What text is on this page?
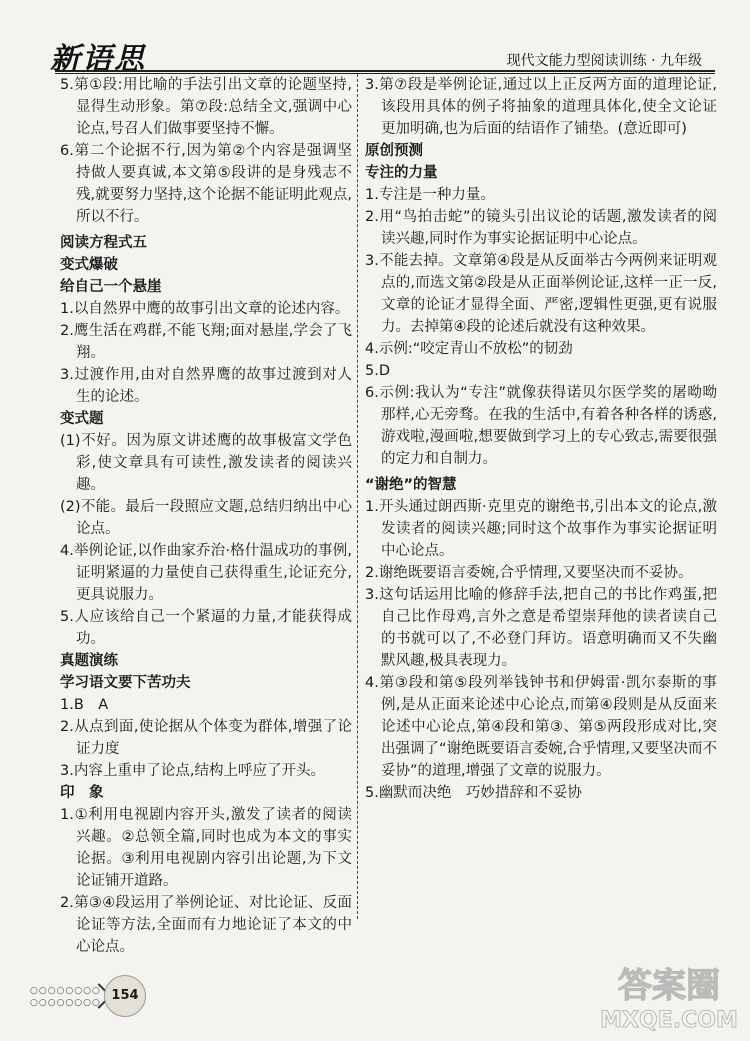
新语思	现代文能力型阅读训练 · 九年级

5.第①段:用比喻的手法引出文章的论题坚持,显得生动形象。第⑦段:总结全文,强调中心论点,号召人们做事要坚持不懈。

6.第二个论据不行,因为第②个内容是强调坚持做人要真诚,本文第⑤段讲的是身残志不残,就要努力坚持,这个论据不能证明此观点,所以不行。

阅读方程式五

变式爆破

给自己一个悬崖

1.以自然界中鹰的故事引出文章的论述内容。

2.鹰生活在鸡群,不能飞翔;面对悬崖,学会了飞翔。

3.过渡作用,由对自然界鹰的故事过渡到对人生的论述。

变式题

(1)不好。因为原文讲述鹰的故事极富文学色彩,使文章具有可读性,激发读者的阅读兴趣。

(2)不能。最后一段照应文题,总结归纳出中心论点。

4.举例论证,以作曲家乔治·格什温成功的事例,证明紧逼的力量使自己获得重生,论证充分,更具说服力。

5.人应该给自己一个紧逼的力量,才能获得成功。

真题演练

学习语文要下苦功夫

1.B　A

2.从点到面,使论据从个体变为群体,增强了论证力度

3.内容上重申了论点,结构上呼应了开头。

印　象

1.①利用电视剧内容开头,激发了读者的阅读兴趣。②总领全篇,同时也成为本文的事实论据。③利用电视剧内容引出论题,为下文论证铺开道路。

2.第③④段运用了举例论证、对比论证、反面论证等方法,全面而有力地论证了本文的中心论点。

3.第⑦段是举例论证,通过以上正反两方面的道理论证,该段用具体的例子将抽象的道理具体化,使全文论证更加明确,也为后面的结语作了铺垫。(意近即可)

原创预测

专注的力量

1.专注是一种力量。

2.用“鸟拍击蛇”的镜头引出议论的话题,激发读者的阅读兴趣,同时作为事实论据证明中心论点。

3.不能去掉。文章第④段是从反面举古今两例来证明观点的,而选文第②段是从正面举例论证,这样一正一反,文章的论证才显得全面、严密,逻辑性更强,更有说服力。去掉第④段的论述后就没有这种效果。

4.示例:“咬定青山不放松”的韧劲

5.D

6.示例:我认为“专注”就像获得诺贝尔医学奖的屠呦呦那样,心无旁骛。在我的生活中,有着各种各样的诱惑,游戏啦,漫画啦,想要做到学习上的专心致志,需要很强的定力和自制力。

“谢绝”的智慧

1.开头通过朗西斯·克里克的谢绝书,引出本文的论点,激发读者的阅读兴趣;同时这个故事作为事实论据证明中心论点。

2.谢绝既要语言委婉,合乎情理,又要坚决而不妥协。

3.这句话运用比喻的修辞手法,把自己的书比作鸡蛋,把自己比作母鸡,言外之意是希望崇拜他的读者读自己的书就可以了,不必登门拜访。语意明确而又不失幽默风趣,极具表现力。

4.第③段和第⑤段列举钱钟书和伊姆雷·凯尔泰斯的事例,是从正面来论述中心论点,而第④段则是从反面来论述中心论点,第④段和第③、第⑤两段形成对比,突出强调了“谢绝既要语言委婉,合乎情理,又要坚决而不妥协”的道理,增强了文章的说服力。

5.幽默而决绝　巧妙措辞和不妥协

○○○○○○○○
○○○○○○○○ 154	答案圈
MXQE.COM
